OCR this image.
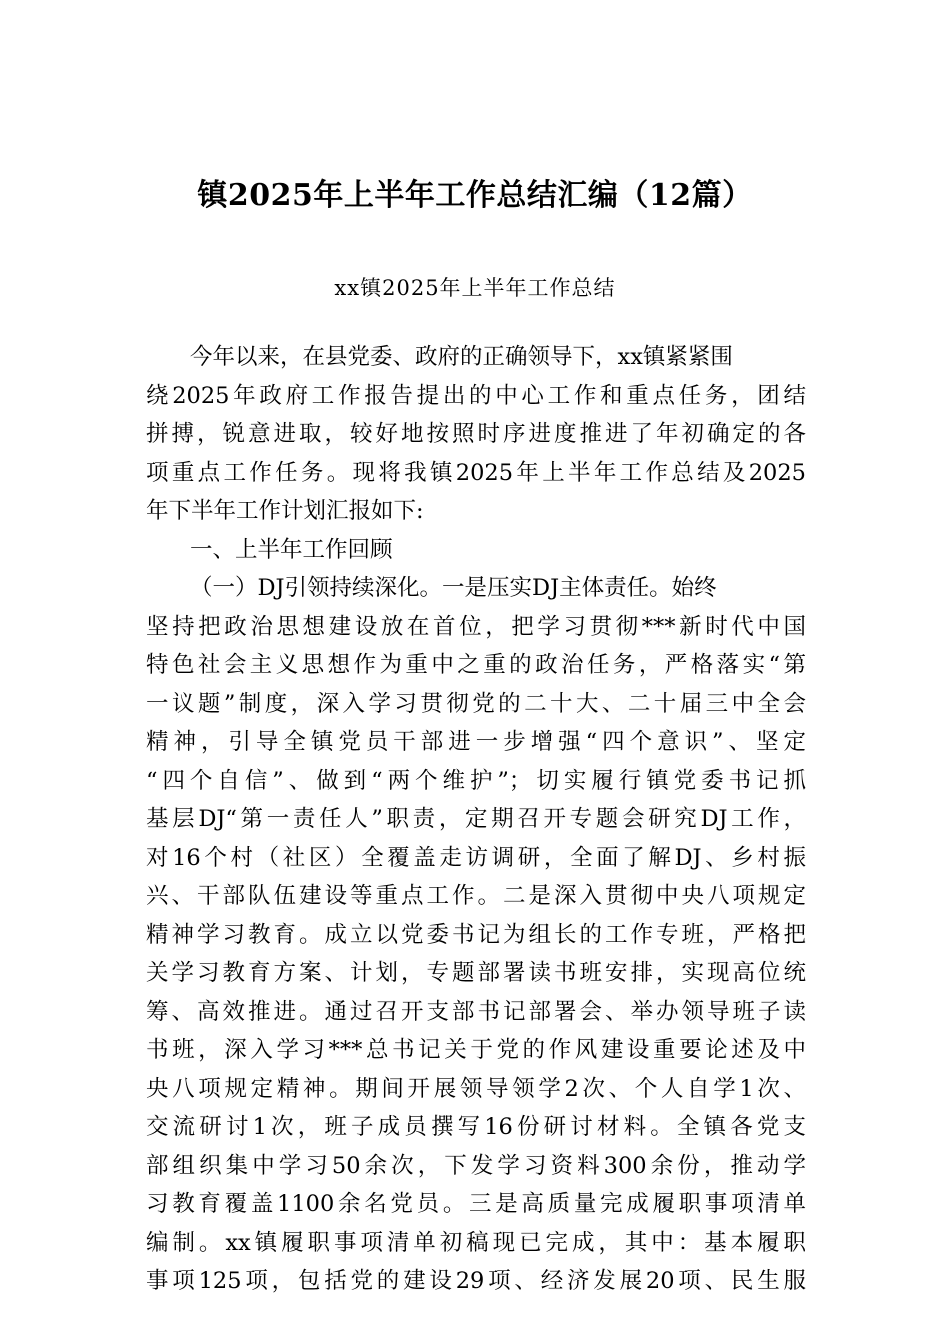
镇2025年上半年工作总结汇编（12篇）
xx镇2025年上半年工作总结
今年以来，在县党委、政府的正确领导下，xx镇紧紧围
绕2025年政府工作报告提出的中心工作和重点任务，团结
拼搏，锐意进取，较好地按照时序进度推进了年初确定的各
项重点工作任务。现将我镇2025年上半年工作总结及2025
年下半年工作计划汇报如下:
一、上半年工作回顾
（一）DJ引领持续深化。一是压实DJ主体责任。始终
坚持把政治思想建设放在首位，把学习贯彻***新时代中国
特色社会主义思想作为重中之重的政治任务，严格落实“第
一议题”制度，深入学习贯彻党的二十大、二十届三中全会
精神，引导全镇党员干部进一步增强“四个意识”、坚定
“四个自信”、做到“两个维护”；切实履行镇党委书记抓
基层DJ“第一责任人”职责，定期召开专题会研究DJ工作，
对16个村（社区）全覆盖走访调研，全面了解DJ、乡村振
兴、干部队伍建设等重点工作。二是深入贯彻中央八项规定
精神学习教育。成立以党委书记为组长的工作专班，严格把
关学习教育方案、计划，专题部署读书班安排，实现高位统
筹、高效推进。通过召开支部书记部署会、举办领导班子读
书班，深入学习***总书记关于党的作风建设重要论述及中
央八项规定精神。期间开展领导领学2次、个人自学1次、
交流研讨1次，班子成员撰写16份研讨材料。全镇各党支
部组织集中学习50余次，下发学习资料300余份，推动学
习教育覆盖1100余名党员。三是高质量完成履职事项清单
编制。xx镇履职事项清单初稿现已完成，其中：基本履职
事项125项，包括党的建设29项、经济发展20项、民生服
